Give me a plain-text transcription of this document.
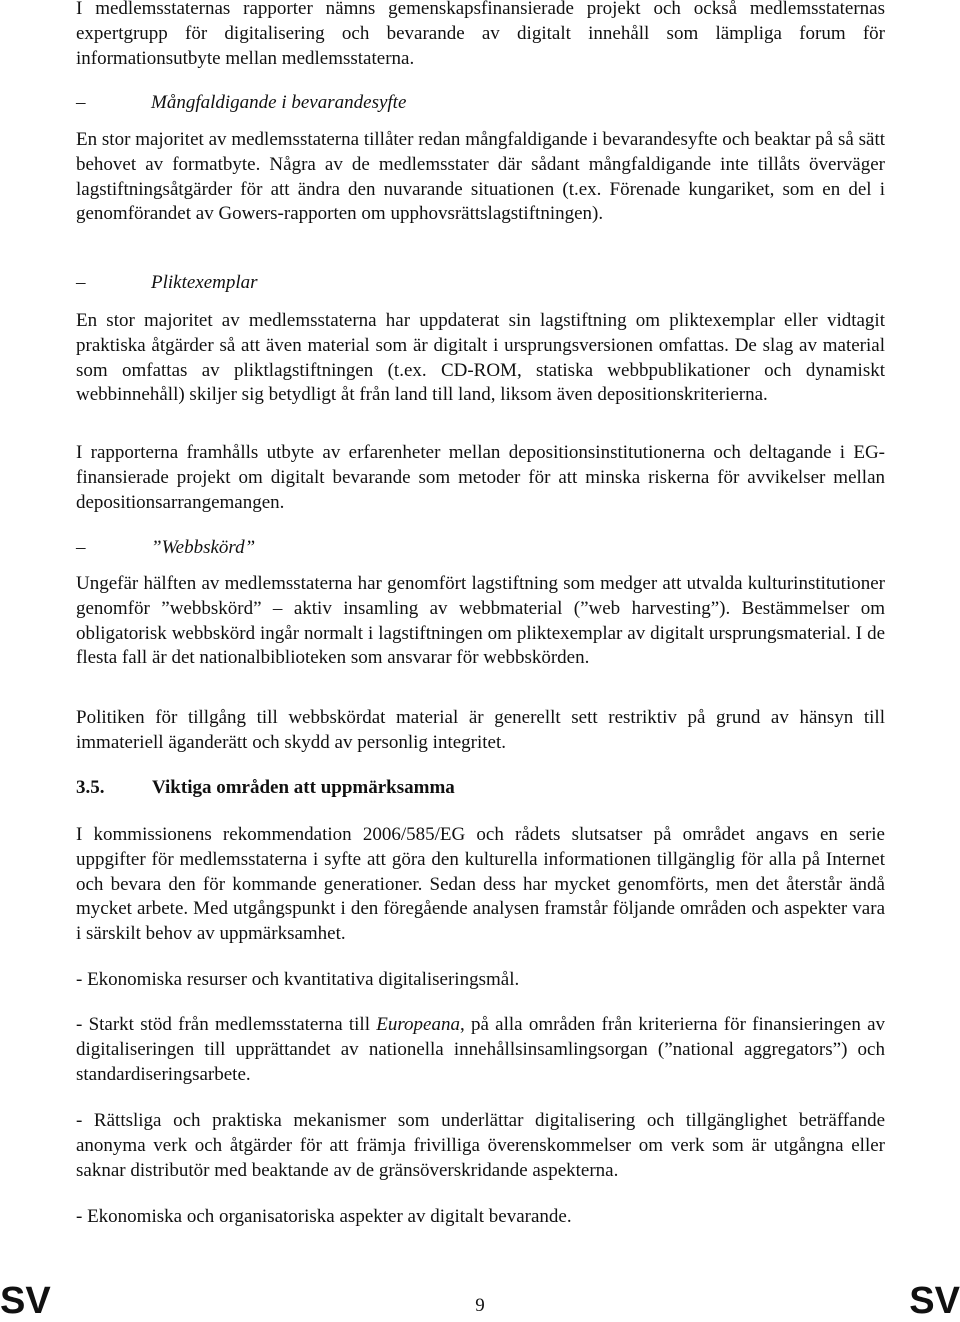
I medlemsstaternas rapporter nämns gemenskapsfinansierade projekt och också medlemsstaternas expertgrupp för digitalisering och bevarande av digitalt innehåll som lämpliga forum för informationsutbyte mellan medlemsstaterna.

–	Mångfaldigande i bevarandesyfte

En stor majoritet av medlemsstaterna tillåter redan mångfaldigande i bevarandesyfte och beaktar på så sätt behovet av formatbyte. Några av de medlemsstater där sådant mångfaldigande inte tillåts överväger lagstiftningsåtgärder för att ändra den nuvarande situationen (t.ex. Förenade kungariket, som en del i genomförandet av Gowers-rapporten om upphovsrättslagstiftningen).

–	Pliktexemplar

En stor majoritet av medlemsstaterna har uppdaterat sin lagstiftning om pliktexemplar eller vidtagit praktiska åtgärder så att även material som är digitalt i ursprungsversionen omfattas. De slag av material som omfattas av pliktlagstiftningen (t.ex. CD-ROM, statiska webbpublikationer och dynamiskt webbinnehåll) skiljer sig betydligt åt från land till land, liksom även depositionskriterierna.

I rapporterna framhålls utbyte av erfarenheter mellan depositionsinstitutionerna och deltagande i EG-finansierade projekt om digitalt bevarande som metoder för att minska riskerna för avvikelser mellan depositionsarrangemangen.

–	”Webbskörd”

Ungefär hälften av medlemsstaterna har genomfört lagstiftning som medger att utvalda kulturinstitutioner genomför ”webbskörd” – aktiv insamling av webbmaterial (”web harvesting”). Bestämmelser om obligatorisk webbskörd ingår normalt i lagstiftningen om pliktexemplar av digitalt ursprungsmaterial. I de flesta fall är det nationalbiblioteken som ansvarar för webbskörden.

Politiken för tillgång till webbskördat material är generellt sett restriktiv på grund av hänsyn till immateriell äganderätt och skydd av personlig integritet.

3.5.	Viktiga områden att uppmärksamma

I kommissionens rekommendation 2006/585/EG och rådets slutsatser på området angavs en serie uppgifter för medlemsstaterna i syfte att göra den kulturella informationen tillgänglig för alla på Internet och bevara den för kommande generationer. Sedan dess har mycket genomförts, men det återstår ändå mycket arbete. Med utgångspunkt i den föregående analysen framstår följande områden och aspekter vara i särskilt behov av uppmärksamhet.

- Ekonomiska resurser och kvantitativa digitaliseringsmål.

- Starkt stöd från medlemsstaterna till Europeana, på alla områden från kriterierna för finansieringen av digitaliseringen till upprättandet av nationella innehållsinsamlingsorgan (”national aggregators”) och standardiseringsarbete.

- Rättsliga och praktiska mekanismer som underlättar digitalisering och tillgänglighet beträffande anonyma verk och åtgärder för att främja frivilliga överenskommelser om verk som är utgångna eller saknar distributör med beaktande av de gränsöverskridande aspekterna.

- Ekonomiska och organisatoriska aspekter av digitalt bevarande.

SV	9	SV
